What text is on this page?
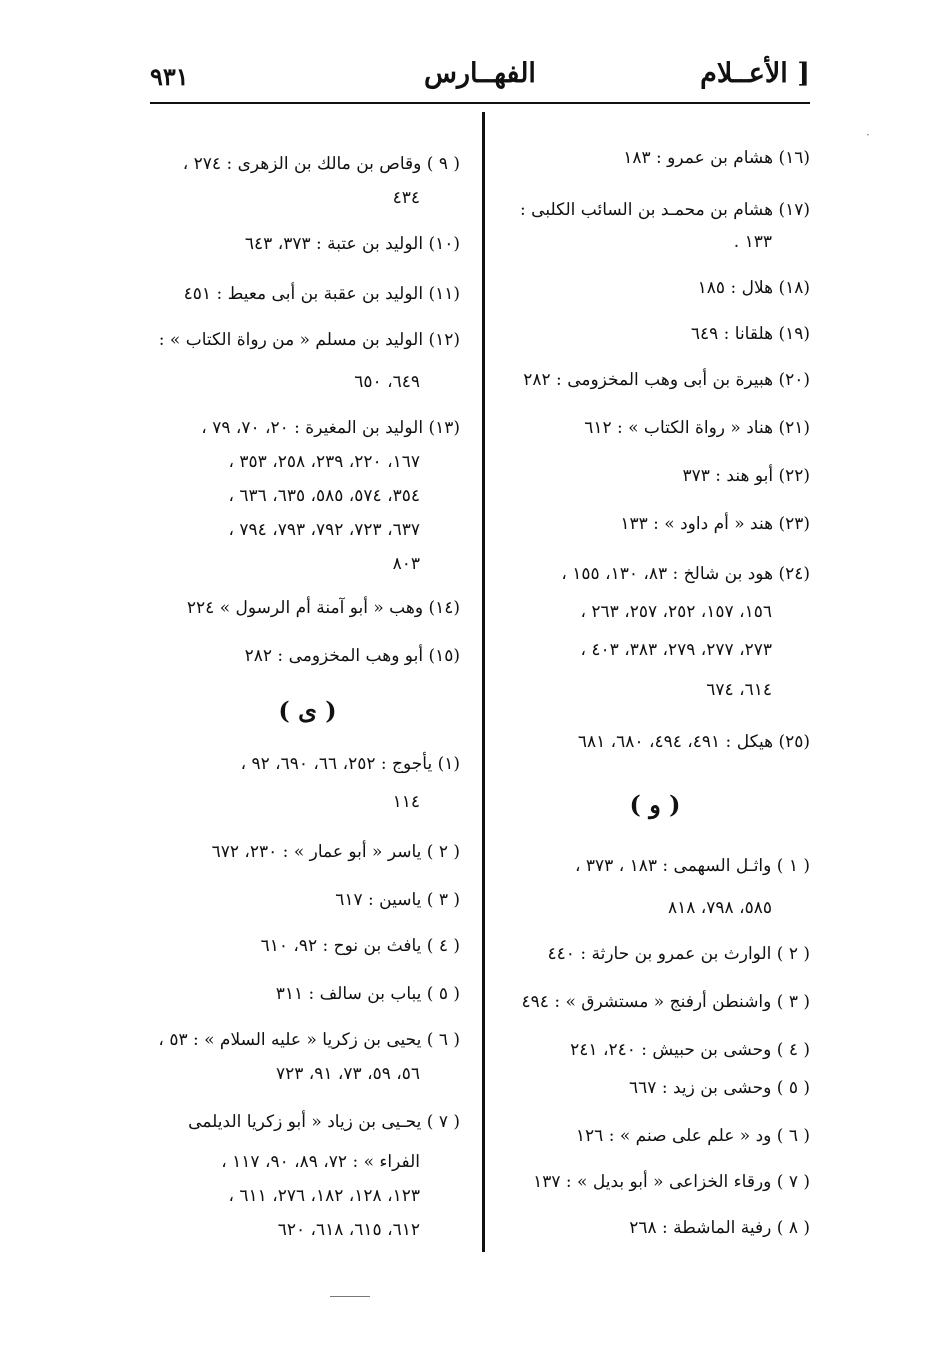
٩٣١	الفهــارس	الأعــلام ]
·
(١٦) هشام بن عمرو : ١٨٣
(١٧) هشام بن محمـد بن السائب الكلبى :
١٣٣ .
(١٨) هلال : ١٨٥
(١٩) هلقانا : ٦٤٩
(٢٠) هبيرة بن أبى وهب المخزومى : ٢٨٢
(٢١) هناد « رواة الكتاب » : ٦١٢
(٢٢) أبو هند : ٣٧٣
(٢٣) هند « أم داود » : ١٣٣
(٢٤) هود بن شالخ : ٨٣، ١٣٠، ١٥٥ ،
١٥٦، ١٥٧، ٢٥٢، ٢٥٧، ٢٦٣ ،
٢٧٣، ٢٧٧، ٢٧٩، ٣٨٣، ٤٠٣ ،
٦١٤، ٦٧٤
(٢٥) هيكل : ٤٩١، ٤٩٤، ٦٨٠، ٦٨١
( و )
( ١ ) واثـل السهمى : ١٨٣ ، ٣٧٣ ،
٥٨٥، ٧٩٨، ٨١٨
( ٢ ) الوارث بن عمرو بن حارثة : ٤٤٠
( ٣ ) واشنطن أرفنج « مستشرق » : ٤٩٤
( ٤ ) وحشى بن حبيش : ٢٤٠، ٢٤١
( ٥ ) وحشى بن زيد : ٦٦٧
( ٦ ) ود « علم على صنم » : ١٢٦
( ٧ ) ورقاء الخزاعى « أبو بديل » : ١٣٧
( ٨ ) رفية الماشطة : ٢٦٨
( ٩ ) وقاص بن مالك بن الزهرى : ٢٧٤ ،
٤٣٤
(١٠) الوليد بن عتبة : ٣٧٣، ٦٤٣
(١١) الوليد بن عقبة بن أبى معيط : ٤٥١
(١٢) الوليد بن مسلم « من رواة الكتاب » :
٦٤٩، ٦٥٠
(١٣) الوليد بن المغيرة : ٢٠، ٧٠، ٧٩ ،
١٦٧، ٢٢٠، ٢٣٩، ٢٥٨، ٣٥٣ ،
٣٥٤، ٥٧٤، ٥٨٥، ٦٣٥، ٦٣٦ ،
٦٣٧، ٧٢٣، ٧٩٢، ٧٩٣، ٧٩٤ ،
٨٠٣
(١٤) وهب « أبو آمنة أم الرسول » ٢٢٤
(١٥) أبو وهب المخزومى : ٢٨٢
( ى )
(١) يأجوج : ٢٥٢، ٦٦، ٦٩٠، ٩٢ ،
١١٤
( ٢ ) ياسر « أبو عمار » : ٢٣٠، ٦٧٢
( ٣ ) ياسين : ٦١٧
( ٤ ) يافث بن نوح : ٩٢، ٦١٠
( ٥ ) يباب بن سالف : ٣١١
( ٦ ) يحيى بن زكريا « عليه السلام » : ٥٣ ،
٥٦، ٥٩، ٧٣، ٩١، ٧٢٣
( ٧ ) يحـيى بن زياد « أبو زكريا الديلمى
الفراء » : ٧٢، ٨٩، ٩٠، ١١٧ ،
١٢٣، ١٢٨، ١٨٢، ٢٧٦، ٦١١ ،
٦١٢، ٦١٥، ٦١٨، ٦٢٠
